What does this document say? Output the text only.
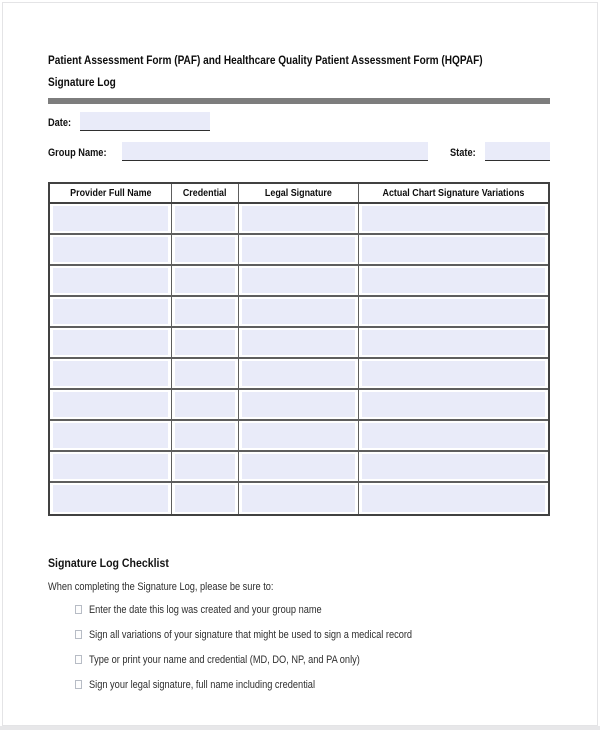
Patient Assessment Form (PAF) and Healthcare Quality Patient Assessment Form (HQPAF)
Signature Log
Date:
Group Name:	State:
Provider Full Name	Credential	Legal Signature	Actual Chart Signature Variations
Signature Log Checklist
When completing the Signature Log, please be sure to:
Enter the date this log was created and your group name
Sign all variations of your signature that might be used to sign a medical record
Type or print your name and credential (MD, DO, NP, and PA only)
Sign your legal signature, full name including credential
